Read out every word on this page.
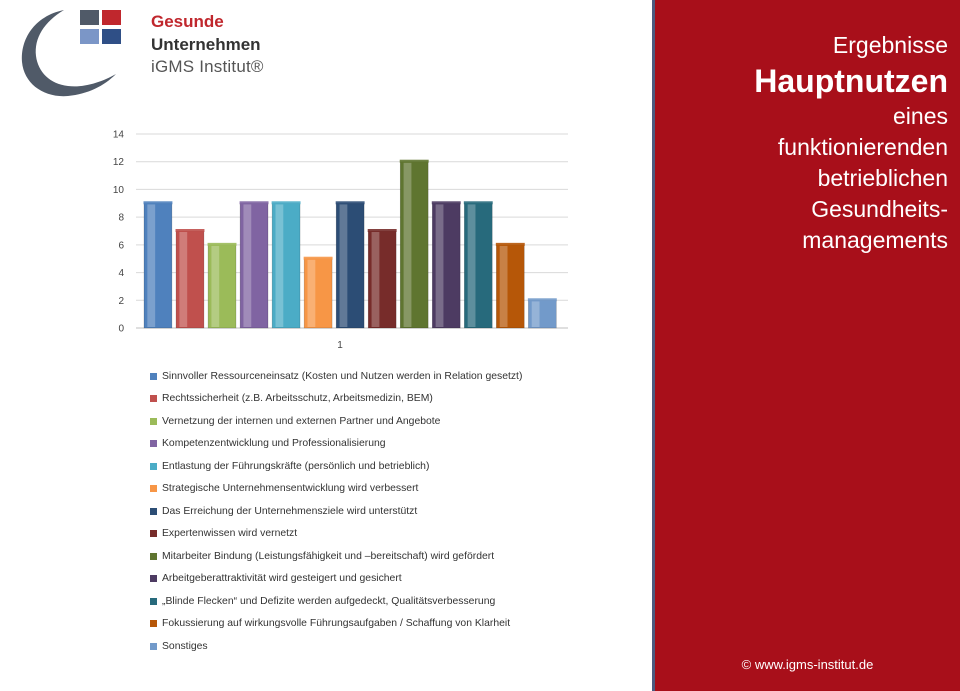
Gesunde
Unternehmen
iGMS Institut®
0
2
4
6
8
10
12
14
1
Sinnvoller Ressourceneinsatz (Kosten und Nutzen werden in Relation gesetzt)
Rechtssicherheit (z.B. Arbeitsschutz, Arbeitsmedizin, BEM)
Vernetzung der internen und externen Partner und Angebote
Kompetenzentwicklung und Professionalisierung
Entlastung der Führungskräfte (persönlich und betrieblich)
Strategische Unternehmensentwicklung wird verbessert
Das Erreichung der Unternehmensziele wird unterstützt
Expertenwissen wird vernetzt
Mitarbeiter Bindung (Leistungsfähigkeit und –bereitschaft) wird gefördert
Arbeitgeberattraktivität wird gesteigert und gesichert
„Blinde Flecken“ und Defizite werden aufgedeckt, Qualitätsverbesserung
Fokussierung auf wirkungsvolle Führungsaufgaben / Schaffung von Klarheit
Sonstiges
Ergebnisse
Hauptnutzen
eines
funktionierenden
betrieblichen
Gesundheits-
managements
© www.igms-institut.de
